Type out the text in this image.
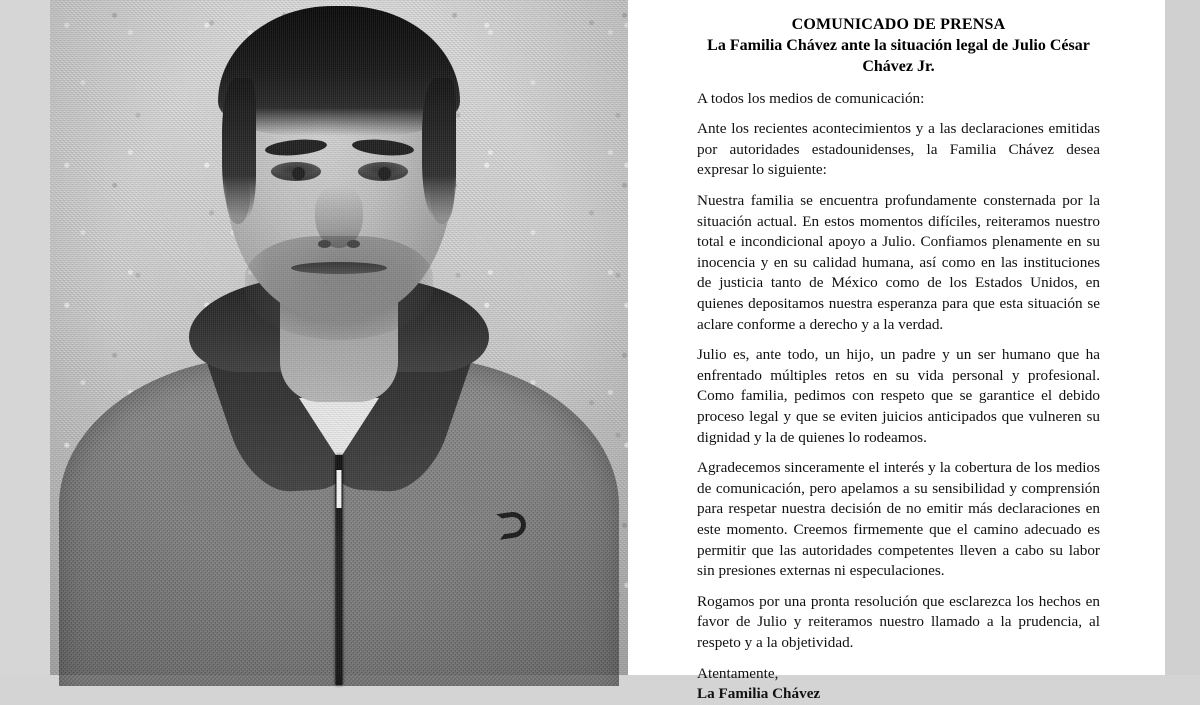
COMUNICADO DE PRENSA
La Familia Chávez ante la situación legal de Julio César Chávez Jr.

A todos los medios de comunicación:

Ante los recientes acontecimientos y a las declaraciones emitidas por autoridades estadounidenses, la Familia Chávez desea expresar lo siguiente:

Nuestra familia se encuentra profundamente consternada por la situación actual. En estos momentos difíciles, reiteramos nuestro total e incondicional apoyo a Julio. Confiamos plenamente en su inocencia y en su calidad humana, así como en las instituciones de justicia tanto de México como de los Estados Unidos, en quienes depositamos nuestra esperanza para que esta situación se aclare conforme a derecho y a la verdad.

Julio es, ante todo, un hijo, un padre y un ser humano que ha enfrentado múltiples retos en su vida personal y profesional. Como familia, pedimos con respeto que se garantice el debido proceso legal y que se eviten juicios anticipados que vulneren su dignidad y la de quienes lo rodeamos.

Agradecemos sinceramente el interés y la cobertura de los medios de comunicación, pero apelamos a su sensibilidad y comprensión para respetar nuestra decisión de no emitir más declaraciones en este momento. Creemos firmemente que el camino adecuado es permitir que las autoridades competentes lleven a cabo su labor sin presiones externas ni especulaciones.

Rogamos por una pronta resolución que esclarezca los hechos en favor de Julio y reiteramos nuestro llamado a la prudencia, al respeto y a la objetividad.

Atentamente,

La Familia Chávez
